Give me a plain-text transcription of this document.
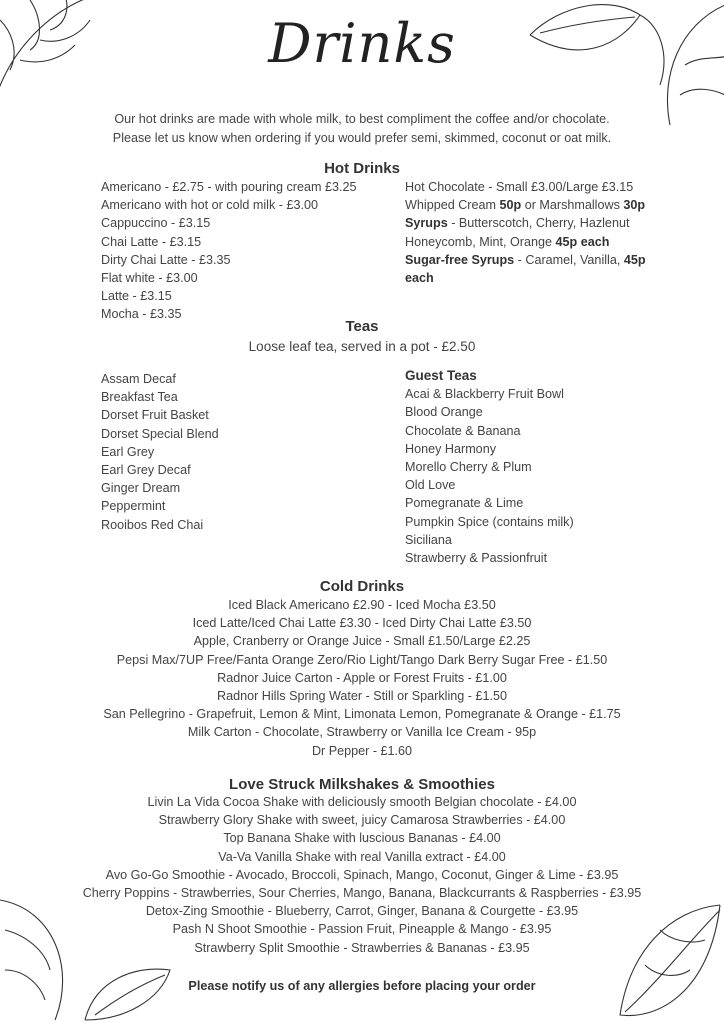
Drinks
Our hot drinks are made with whole milk, to best compliment the coffee and/or chocolate.
Please let us know when ordering if you would prefer semi, skimmed, coconut or oat milk.
Hot Drinks
Americano - £2.75 - with pouring cream £3.25
Americano with hot or cold milk - £3.00
Cappuccino - £3.15
Chai Latte - £3.15
Dirty Chai Latte - £3.35
Flat white - £3.00
Latte - £3.15
Mocha - £3.35
Hot Chocolate - Small £3.00/Large £3.15
Whipped Cream 50p or Marshmallows 30p
Syrups - Butterscotch, Cherry, Hazlenut
Honeycomb, Mint, Orange 45p each
Sugar-free Syrups - Caramel, Vanilla, 45p
each
Teas
Loose leaf tea, served in a pot - £2.50
Assam Decaf
Breakfast Tea
Dorset Fruit Basket
Dorset Special Blend
Earl Grey
Earl Grey Decaf
Ginger Dream
Peppermint
Rooibos Red Chai
Guest Teas
Acai & Blackberry Fruit Bowl
Blood Orange
Chocolate & Banana
Honey Harmony
Morello Cherry & Plum
Old Love
Pomegranate & Lime
Pumpkin Spice (contains milk)
Siciliana
Strawberry & Passionfruit
Cold Drinks
Iced Black Americano £2.90 - Iced Mocha £3.50
Iced Latte/Iced Chai Latte £3.30 - Iced Dirty Chai Latte £3.50
Apple, Cranberry or Orange Juice - Small £1.50/Large £2.25
Pepsi Max/7UP Free/Fanta Orange Zero/Rio Light/Tango Dark Berry Sugar Free - £1.50
Radnor Juice Carton - Apple or Forest Fruits - £1.00
Radnor Hills Spring Water - Still or Sparkling - £1.50
San Pellegrino - Grapefruit, Lemon & Mint, Limonata Lemon, Pomegranate & Orange - £1.75
Milk Carton - Chocolate, Strawberry or Vanilla Ice Cream - 95p
Dr Pepper - £1.60
Love Struck Milkshakes & Smoothies
Livin La Vida Cocoa Shake with deliciously smooth Belgian chocolate - £4.00
Strawberry Glory Shake with sweet, juicy Camarosa Strawberries - £4.00
Top Banana Shake with luscious Bananas - £4.00
Va-Va Vanilla Shake with real Vanilla extract - £4.00
Avo Go-Go Smoothie - Avocado, Broccoli, Spinach, Mango, Coconut, Ginger & Lime - £3.95
Cherry Poppins - Strawberries, Sour Cherries, Mango, Banana, Blackcurrants & Raspberries - £3.95
Detox-Zing Smoothie - Blueberry, Carrot, Ginger, Banana & Courgette - £3.95
Pash N Shoot Smoothie - Passion Fruit, Pineapple & Mango - £3.95
Strawberry Split Smoothie - Strawberries & Bananas - £3.95
Please notify us of any allergies before placing your order
